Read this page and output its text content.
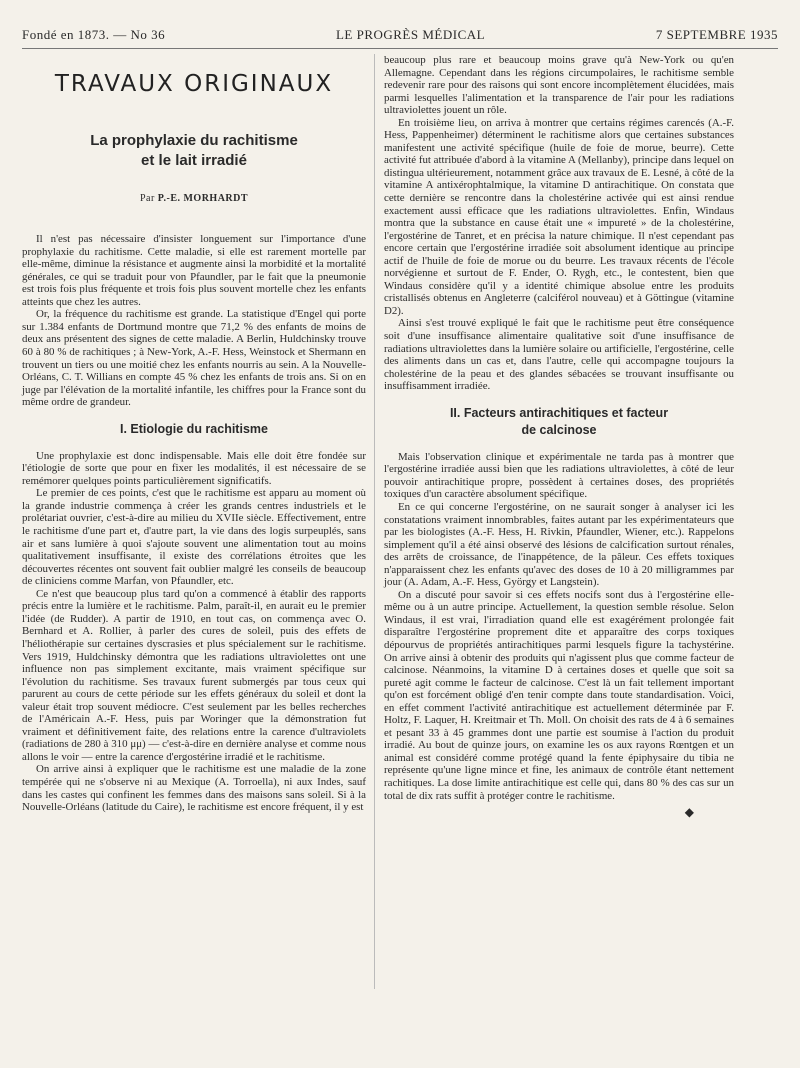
Fondé en 1873. — No 36	LE PROGRÈS MÉDICAL	7 SEPTEMBRE 1935
TRAVAUX ORIGINAUX
La prophylaxie du rachitisme
et le lait irradié
Par P.-E. MORHARDT

Il n'est pas nécessaire d'insister longuement sur l'importance d'une prophylaxie du rachitisme. Cette maladie, si elle est rarement mortelle par elle-même, diminue la résistance et augmente ainsi la morbidité et la mortalité générales, ce qui se traduit pour von Pfaundler, par le fait que la pneumonie est trois fois plus fréquente et trois fois plus souvent mortelle chez les enfants atteints que chez les autres.

Or, la fréquence du rachitisme est grande. La statistique d'Engel qui porte sur 1.384 enfants de Dortmund montre que 71,2 % des enfants de moins de deux ans présentent des signes de cette maladie. A Berlin, Huldchinsky trouve 60 à 80 % de rachitiques ; à New-York, A.-F. Hess, Weinstock et Shermann en trouvent un tiers ou une moitié chez les enfants nourris au sein. A la Nouvelle-Orléans, C. T. Willians en compte 45 % chez les enfants de trois ans. Si on en juge par l'élévation de la mortalité infantile, les chiffres pour la France sont du même ordre de grandeur.

I. Etiologie du rachitisme

Une prophylaxie est donc indispensable. Mais elle doit être fondée sur l'étiologie de sorte que pour en fixer les modalités, il est nécessaire de se remémorer quelques points particulièrement significatifs.

Le premier de ces points, c'est que le rachitisme est apparu au moment où la grande industrie commença à créer les grands centres industriels et le prolétariat ouvrier, c'est-à-dire au milieu du XVIIe siècle. Effectivement, entre le rachitisme d'une part et, d'autre part, la vie dans des logis surpeuplés, sans air et sans lumière à quoi s'ajoute souvent une alimentation tout au moins qualitativement insuffisante, il existe des corrélations étroites que les découvertes récentes ont souvent fait oublier malgré les conseils de beaucoup de cliniciens comme Marfan, von Pfaundler, etc.

Ce n'est que beaucoup plus tard qu'on a commencé à établir des rapports précis entre la lumière et le rachitisme. Palm, paraît-il, en aurait eu le premier l'idée (de Rudder). A partir de 1910, en tout cas, on commença avec O. Bernhard et A. Rollier, à parler des cures de soleil, puis des effets de l'héliothérapie sur certaines dyscrasies et plus spécialement sur le rachitisme. Vers 1919, Huldchinsky démontra que les radiations ultraviolettes ont une influence non pas simplement excitante, mais vraiment spécifique sur l'évolution du rachitisme. Ses travaux furent submergés par tous ceux qui parurent au cours de cette période sur les effets généraux du soleil et dont la valeur était trop souvent médiocre. C'est seulement par les belles recherches de l'Américain A.-F. Hess, puis par Woringer que la démonstration fut vraiment et définitivement faite, des relations entre la carence d'ultraviolets (radiations de 280 à 310 μμ) — c'est-à-dire en dernière analyse et comme nous allons le voir — entre la carence d'ergostérine irradié et le rachitisme.

On arrive ainsi à expliquer que le rachitisme est une maladie de la zone tempérée qui ne s'observe ni au Mexique (A. Torroella), ni aux Indes, sauf dans les castes qui confinent les femmes dans des maisons sans soleil. Si à la Nouvelle-Orléans (latitude du Caire), le rachitisme est encore fréquent, il y est

beaucoup plus rare et beaucoup moins grave qu'à New-York ou qu'en Allemagne. Cependant dans les régions circumpolaires, le rachitisme semble redevenir rare pour des raisons qui sont encore incomplètement élucidées, mais parmi lesquelles l'alimentation et la transparence de l'air pour les radiations ultraviolettes jouent un rôle.

En troisième lieu, on arriva à montrer que certains régimes carencés (A.-F. Hess, Pappenheimer) déterminent le rachitisme alors que certaines substances manifestent une activité spécifique (huile de foie de morue, beurre). Cette activité fut attribuée d'abord à la vitamine A (Mellanby), principe dans lequel on distingua ultérieurement, notamment grâce aux travaux de E. Lesné, à côté de la vitamine A antixérophtalmique, la vitamine D antirachitique. On constata que cette dernière se rencontre dans la cholestérine activée qui est ainsi rendue exactement aussi efficace que les radiations ultraviolettes. Enfin, Windaus montra que la substance en cause était une « impureté » de la cholestérine, l'ergostérine de Tanret, et en précisa la nature chimique. Il n'est cependant pas encore certain que l'ergostérine irradiée soit absolument identique au principe actif de l'huile de foie de morue ou du beurre. Les travaux récents de l'école norvégienne et surtout de F. Ender, O. Rygh, etc., le contestent, bien que Windaus considère qu'il y a identité chimique absolue entre les produits cristallisés obtenus en Angleterre (calciférol nouveau) et à Göttingue (vitamine D2).

Ainsi s'est trouvé expliqué le fait que le rachitisme peut être conséquence soit d'une insuffisance alimentaire qualitative soit d'une insuffisance de radiations ultraviolettes dans la lumière solaire ou artificielle, l'ergostérine, celle des aliments dans un cas et, dans l'autre, celle qui accompagne toujours la cholestérine de la peau et des glandes sébacées se trouvant insuffisante ou insuffisamment irradiée.

II. Facteurs antirachitiques et facteur
de calcinose

Mais l'observation clinique et expérimentale ne tarda pas à montrer que l'ergostérine irradiée aussi bien que les radiations ultraviolettes, à côté de leur pouvoir antirachitique propre, possèdent à certaines doses, des propriétés toxiques d'un caractère absolument spécifique.

En ce qui concerne l'ergostérine, on ne saurait songer à analyser ici les constatations vraiment innombrables, faites autant par les expérimentateurs que par les biologistes (A.-F. Hess, H. Rivkin, Pfaundler, Wiener, etc.). Rappelons simplement qu'il a été ainsi observé des lésions de calcification surtout rénales, des arrêts de croissance, de l'inappétence, de la pâleur. Ces effets toxiques n'apparaissent chez les enfants qu'avec des doses de 10 à 20 milligrammes par jour (A. Adam, A.-F. Hess, György et Langstein).

On a discuté pour savoir si ces effets nocifs sont dus à l'ergostérine elle-même ou à un autre principe. Actuellement, la question semble résolue. Selon Windaus, il est vrai, l'irradiation quand elle est exagérément prolongée fait disparaître l'ergostérine proprement dite et apparaître des corps toxiques dépourvus de propriétés antirachitiques parmi lesquels figure la tachystérine. On arrive ainsi à obtenir des produits qui n'agissent plus que comme facteur de calcinose. Néanmoins, la vitamine D à certaines doses et quelle que soit sa pureté agit comme le facteur de calcinose. C'est là un fait tellement important qu'on est forcément obligé d'en tenir compte dans toute standardisation. Voici, en effet comment l'activité antirachitique est actuellement déterminée par F. Holtz, F. Laquer, H. Kreitmair et Th. Moll. On choisit des rats de 4 à 6 semaines et pesant 33 à 45 grammes dont une partie est soumise à l'action du produit irradié. Au bout de quinze jours, on examine les os aux rayons Rœntgen et un animal est considéré comme protégé quand la fente épiphysaire du tibia ne représente qu'une ligne mince et fine, les animaux de contrôle étant nettement rachitiques. La dose limite antirachitique est celle qui, dans 80 % des cas sur un total de dix rats suffit à protéger contre le rachitisme.

◆
